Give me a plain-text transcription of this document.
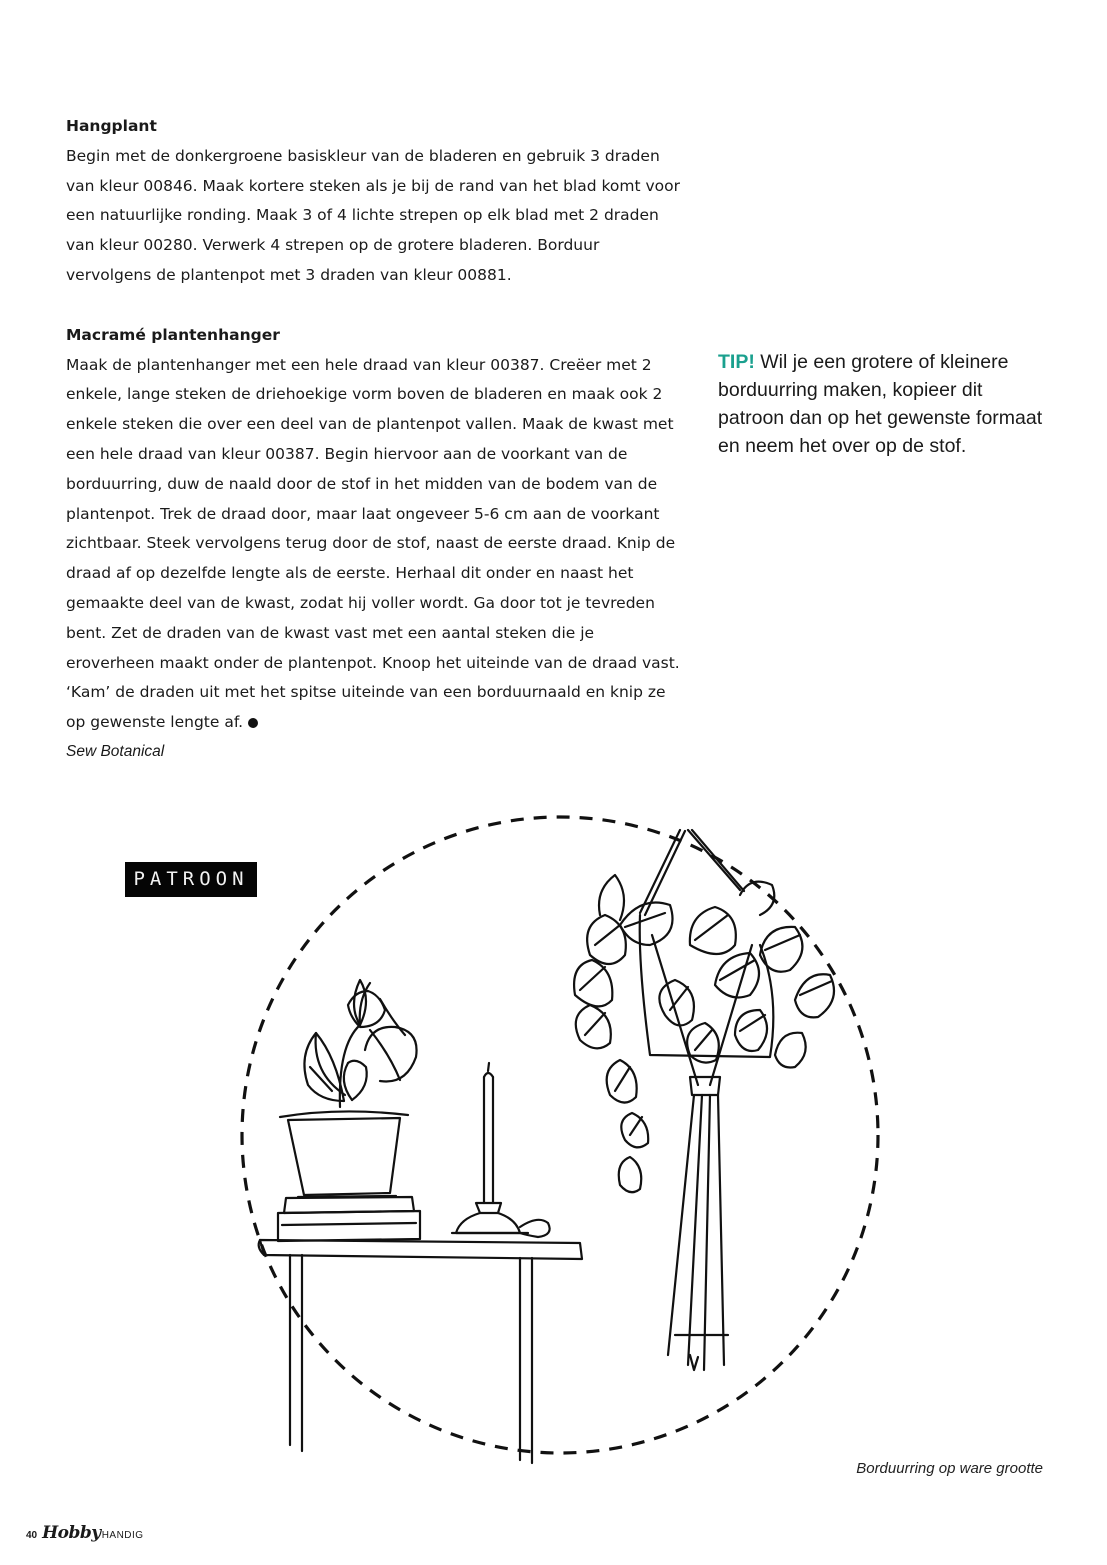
Hangplant

Begin met de donkergroene basiskleur van de bladeren en gebruik 3 draden van kleur 00846. Maak kortere steken als je bij de rand van het blad komt voor een natuurlijke ronding. Maak 3 of 4 lichte strepen op elk blad met 2 draden van kleur 00280. Verwerk 4 strepen op de grotere bladeren. Borduur vervolgens de plantenpot met 3 draden van kleur 00881.

Macramé plantenhanger

Maak de plantenhanger met een hele draad van kleur 00387. Creëer met 2 enkele, lange steken de driehoekige vorm boven de bladeren en maak ook 2 enkele steken die over een deel van de plantenpot vallen. Maak de kwast met een hele draad van kleur 00387. Begin hiervoor aan de voorkant van de borduurring, duw de naald door de stof in het midden van de bodem van de plantenpot. Trek de draad door, maar laat ongeveer 5-6 cm aan de voorkant zichtbaar. Steek vervolgens terug door de stof, naast de eerste draad. Knip de draad af op dezelfde lengte als de eerste. Herhaal dit onder en naast het gemaakte deel van de kwast, zodat hij voller wordt. Ga door tot je tevreden bent. Zet de draden van de kwast vast met een aantal steken die je eroverheen maakt onder de plantenpot. Knoop het uiteinde van de draad vast. ‘Kam’ de draden uit met het spitse uiteinde van een borduurnaald en knip ze op gewenste lengte af.

Sew Botanical
TIP! Wil je een grotere of kleinere borduurring maken, kopieer dit patroon dan op het gewenste formaat en neem het over op de stof.
PATROON
Borduurring op ware grootte
40 Hobby HANDIG
